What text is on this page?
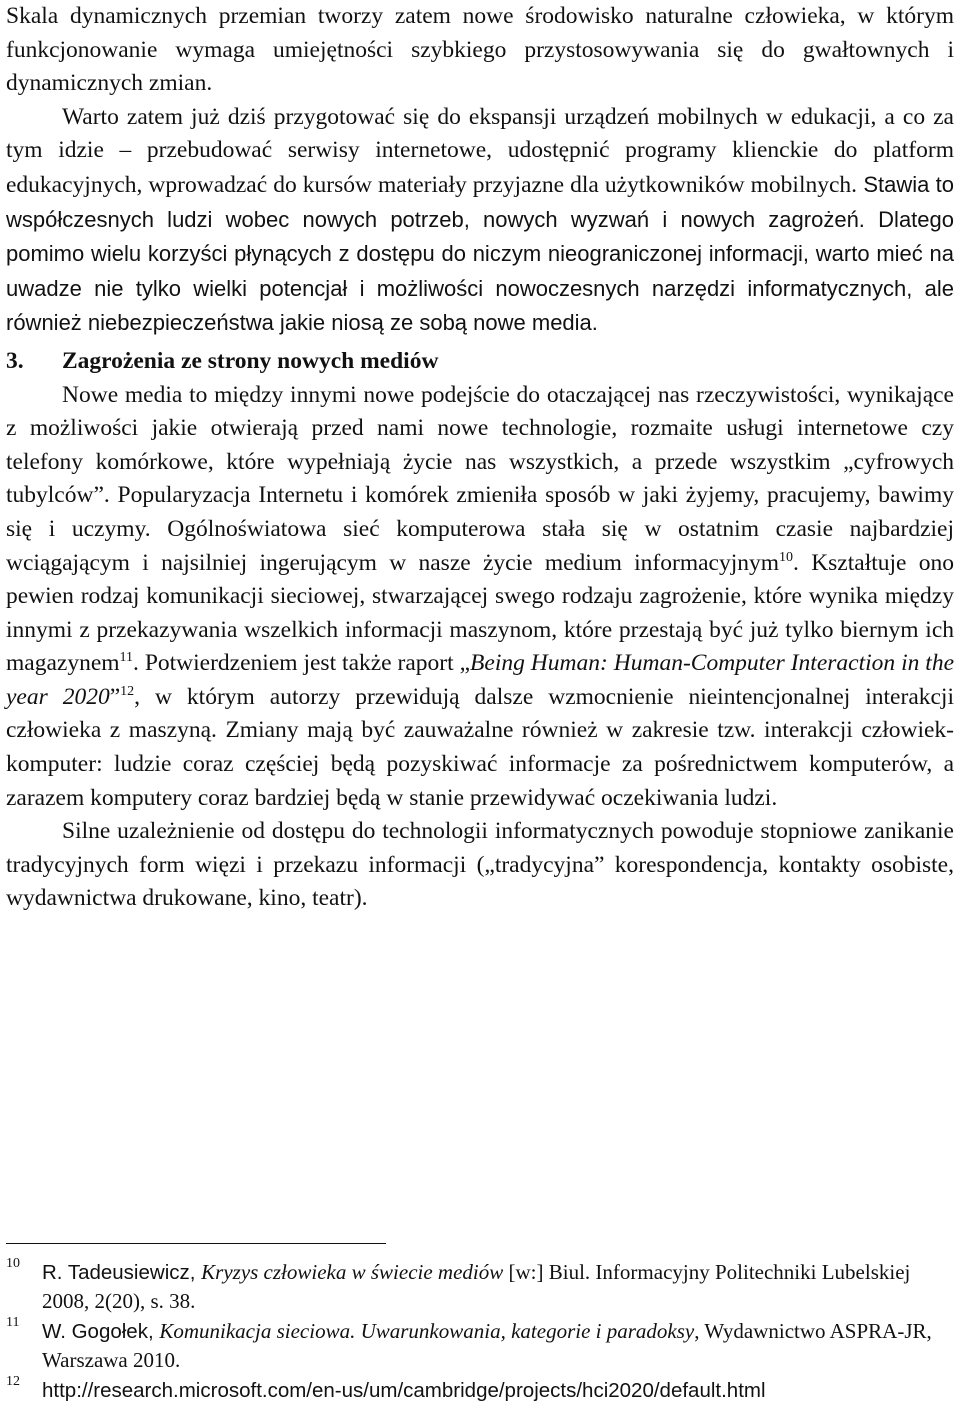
Skala dynamicznych przemian tworzy zatem nowe środowisko naturalne człowieka, w którym funkcjonowanie wymaga umiejętności szybkiego przystosowywania się do gwałtownych i dynamicznych zmian.

Warto zatem już dziś przygotować się do ekspansji urządzeń mobilnych w edukacji, a co za tym idzie – przebudować serwisy internetowe, udostępnić programy klienckie do platform edukacyjnych, wprowadzać do kursów materiały przyjazne dla użytkowników mobilnych. Stawia to współczesnych ludzi wobec nowych potrzeb, nowych wyzwań i nowych zagrożeń. Dlatego pomimo wielu korzyści płynących z dostępu do niczym nieograniczonej informacji, warto mieć na uwadze nie tylko wielki potencjał i możliwości nowoczesnych narzędzi informatycznych, ale również niebezpieczeństwa jakie niosą ze sobą nowe media.

3. Zagrożenia ze strony nowych mediów

Nowe media to między innymi nowe podejście do otaczającej nas rzeczywistości, wynikające z możliwości jakie otwierają przed nami nowe technologie, rozmaite usługi internetowe czy telefony komórkowe, które wypełniają życie nas wszystkich, a przede wszystkim „cyfrowych tubylców”. Popularyzacja Internetu i komórek zmieniła sposób w jaki żyjemy, pracujemy, bawimy się i uczymy. Ogólnoświatowa sieć komputerowa stała się w ostatnim czasie najbardziej wciągającym i najsilniej ingerującym w nasze życie medium informacyjnym$^{10}$. Kształtuje ono pewien rodzaj komunikacji sieciowej, stwarzającej swego rodzaju zagrożenie, które wynika między innymi z przekazywania wszelkich informacji maszynom, które przestają być już tylko biernym ich magazynem$^{11}$. Potwierdzeniem jest także raport „Being Human: Human-Computer Interaction in the year 2020”$^{12}$, w którym autorzy przewidują dalsze wzmocnienie nieintencjonalnej interakcji człowieka z maszyną. Zmiany mają być zauważalne również w zakresie tzw. interakcji człowiek-komputer: ludzie coraz częściej będą pozyskiwać informacje za pośrednictwem komputerów, a zarazem komputery coraz bardziej będą w stanie przewidywać oczekiwania ludzi.

Silne uzależnienie od dostępu do technologii informatycznych powoduje stopniowe zanikanie tradycyjnych form więzi i przekazu informacji („tradycyjna” korespondencja, kontakty osobiste, wydawnictwa drukowane, kino, teatr).

10 R. Tadeusiewicz, Kryzys człowieka w świecie mediów [w:] Biul. Informacyjny Politechniki Lubelskiej 2008, 2(20), s. 38.
11 W. Gogołek, Komunikacja sieciowa. Uwarunkowania, kategorie i paradoksy, Wydawnictwo ASPRA-JR, Warszawa 2010.
12 http://research.microsoft.com/en-us/um/cambridge/projects/hci2020/default.html
